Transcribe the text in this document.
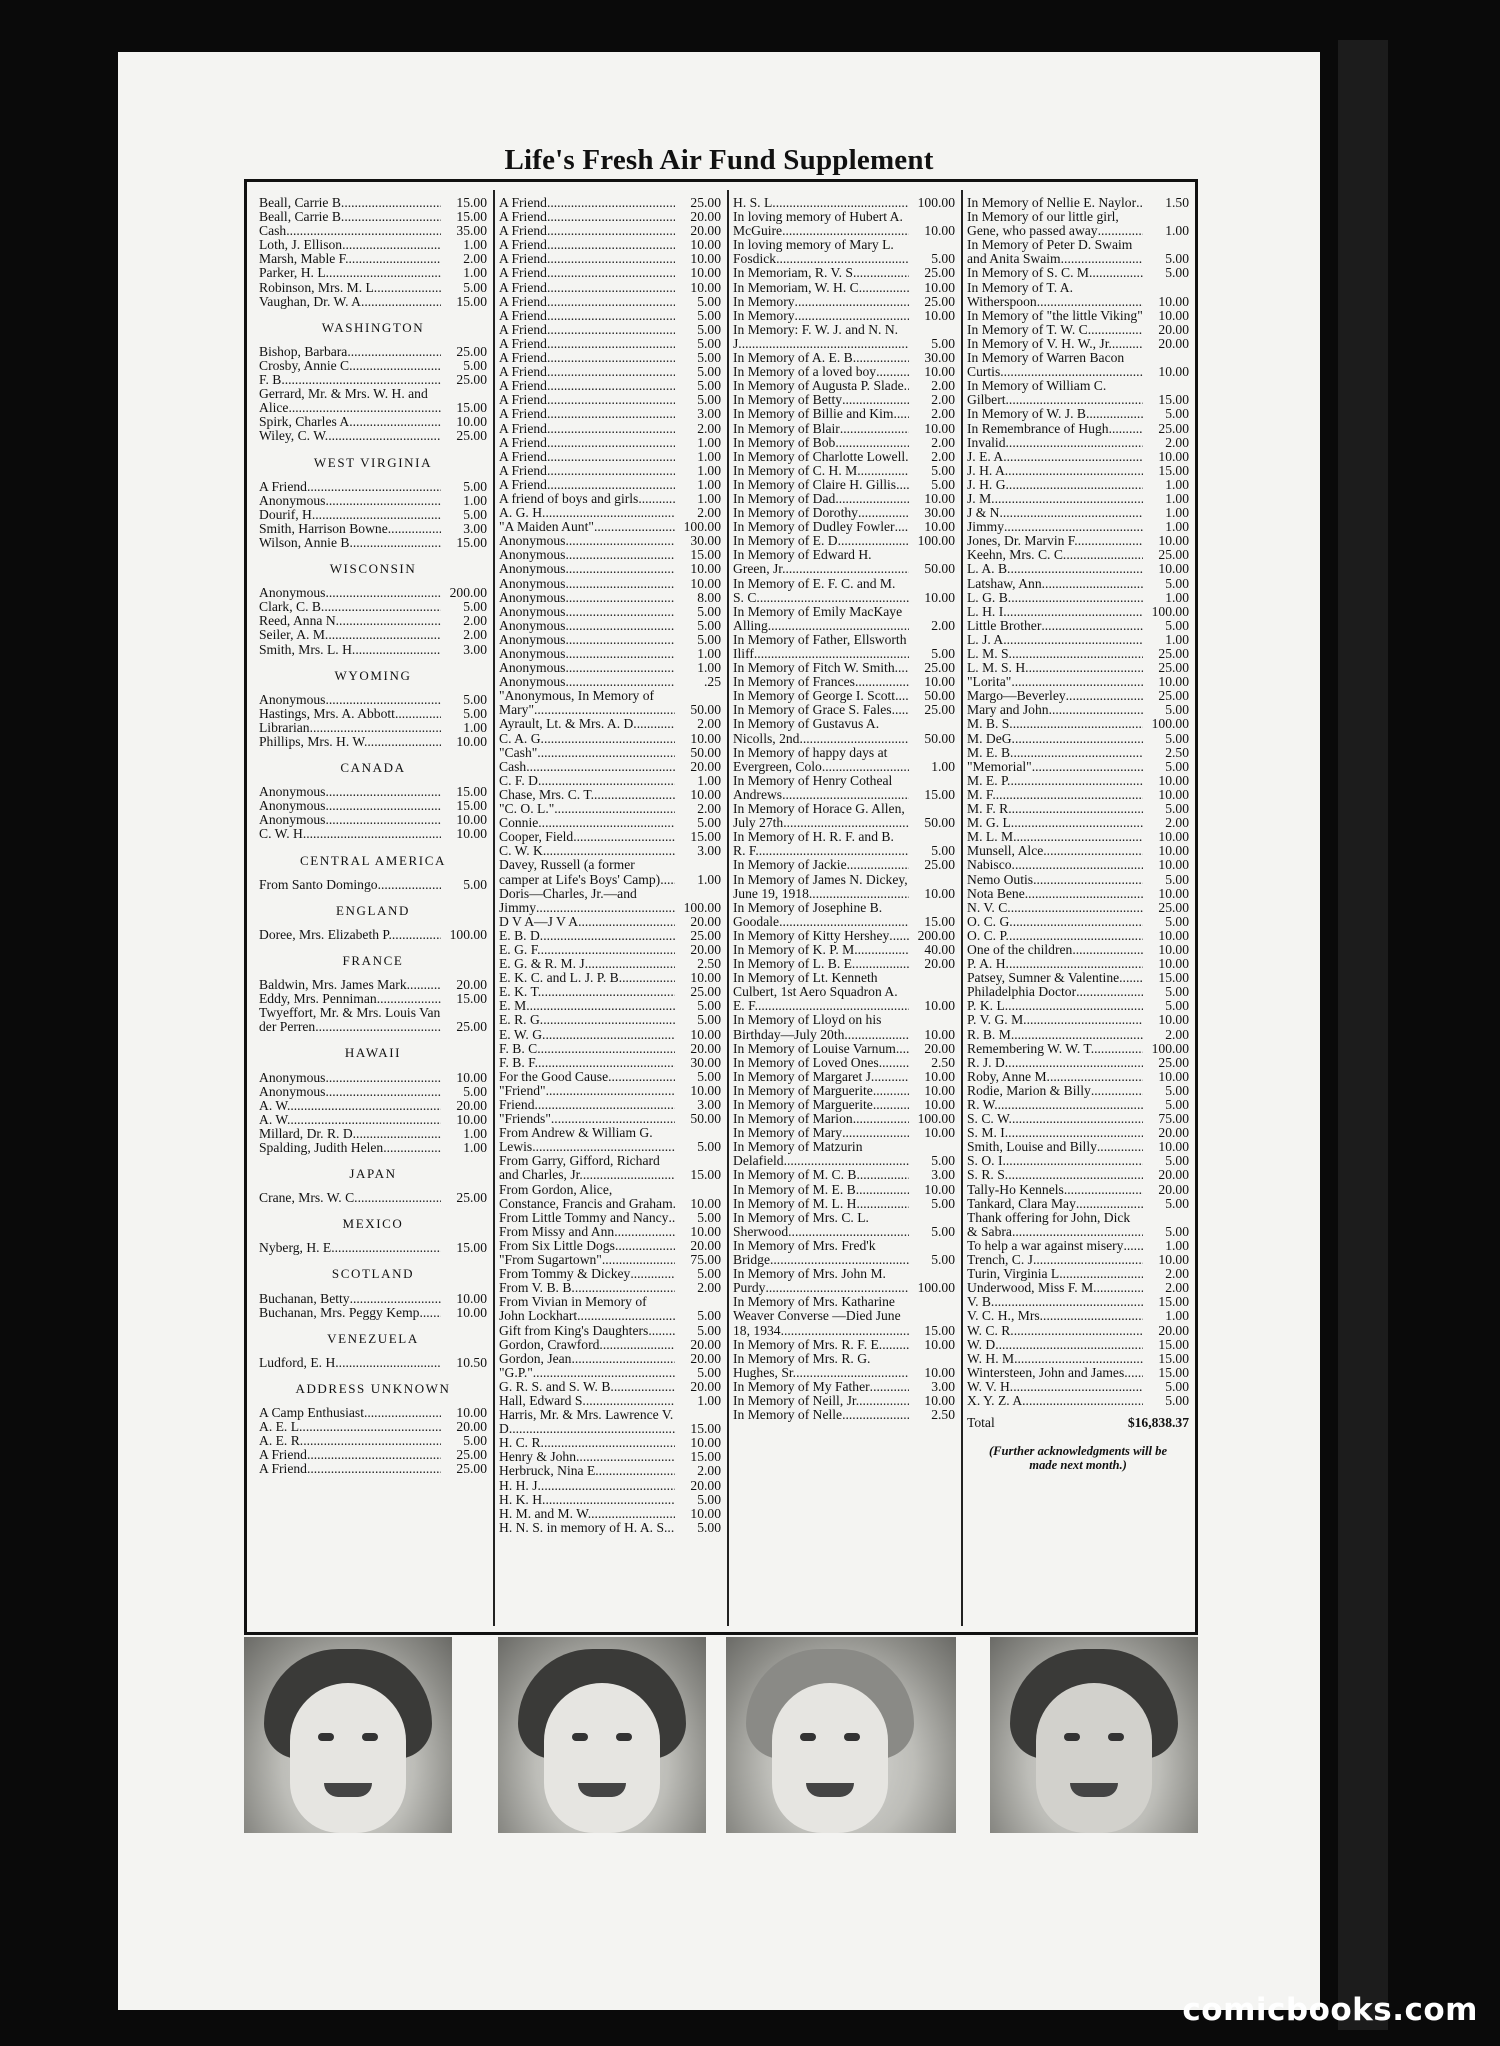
Life's Fresh Air Fund Supplement
Beall, Carrie B. .....	15.00
Beall, Carrie B. .....	15.00
Cash .....	35.00
Loth, J. Ellison .....	1.00
Marsh, Mable F. .....	2.00
Parker, H. L. .....	1.00
Robinson, Mrs. M. L. .....	5.00
Vaughan, Dr. W. A. .....	15.00
WASHINGTON
Bishop, Barbara .....	25.00
Crosby, Annie C. .....	5.00
F. B. .....	25.00
Gerrard, Mr. & Mrs. W. H. and Alice .....	15.00
Spirk, Charles A. .....	10.00
Wiley, C. W. .....	25.00
WEST VIRGINIA
A Friend .....	5.00
Anonymous .....	1.00
Dourif, H. .....	5.00
Smith, Harrison Bowne .....	3.00
Wilson, Annie B. .....	15.00
WISCONSIN
Anonymous .....	200.00
Clark, C. B. .....	5.00
Reed, Anna N. .....	2.00
Seiler, A. M. .....	2.00
Smith, Mrs. L. H. .....	3.00
WYOMING
Anonymous .....	5.00
Hastings, Mrs. A. Abbott .....	5.00
Librarian .....	1.00
Phillips, Mrs. H. W. .....	10.00
CANADA
Anonymous .....	15.00
Anonymous .....	15.00
Anonymous .....	10.00
C. W. H. .....	10.00
CENTRAL AMERICA
From Santo Domingo .....	5.00
ENGLAND
Doree, Mrs. Elizabeth P. .....	100.00
FRANCE
Baldwin, Mrs. James Mark .....	20.00
Eddy, Mrs. Penniman .....	15.00
Twyeffort, Mr. & Mrs. Louis Van der Perren .....	25.00
HAWAII
Anonymous .....	10.00
Anonymous .....	5.00
A. W. .....	20.00
A. W. .....	10.00
Millard, Dr. R. D. .....	1.00
Spalding, Judith Helen .....	1.00
JAPAN
Crane, Mrs. W. C. .....	25.00
MEXICO
Nyberg, H. E. .....	15.00
SCOTLAND
Buchanan, Betty .....	10.00
Buchanan, Mrs. Peggy Kemp .....	10.00
VENEZUELA
Ludford, E. H. .....	10.50
ADDRESS UNKNOWN
A Camp Enthusiast .....	10.00
A. E. L. .....	20.00
A. E. R. .....	5.00
A Friend .....	25.00
A Friend .....	25.00
A Friend .....	25.00
A Friend .....	20.00
A Friend .....	20.00
A Friend .....	10.00
A Friend .....	10.00
A Friend .....	10.00
A Friend .....	10.00
A Friend .....	5.00
A Friend .....	5.00
A Friend .....	5.00
A Friend .....	5.00
A Friend .....	5.00
A Friend .....	5.00
A Friend .....	5.00
A Friend .....	5.00
A Friend .....	3.00
A Friend .....	2.00
A Friend .....	1.00
A Friend .....	1.00
A Friend .....	1.00
A Friend .....	1.00
A friend of boys and girls .....	1.00
A. G. H. .....	2.00
"A Maiden Aunt" .....	100.00
Anonymous .....	30.00
Anonymous .....	15.00
Anonymous .....	10.00
Anonymous .....	10.00
Anonymous .....	8.00
Anonymous .....	5.00
Anonymous .....	5.00
Anonymous .....	5.00
Anonymous .....	1.00
Anonymous .....	1.00
Anonymous .....	.25
"Anonymous, In Memory of Mary" .....	50.00
Ayrault, Lt. & Mrs. A. D. .....	2.00
C. A. G. .....	10.00
"Cash" .....	50.00
Cash .....	20.00
C. F. D. .....	1.00
Chase, Mrs. C. T. .....	10.00
"C. O. L." .....	2.00
Connie .....	5.00
Cooper, Field .....	15.00
C. W. K. .....	3.00
Davey, Russell (a former camper at Life's Boys' Camp) .....	1.00
Doris—Charles, Jr.—and Jimmy .....	100.00
D V A—J V A .....	20.00
E. B. D. .....	25.00
E. G. F. .....	20.00
E. G. & R. M. J. .....	2.50
E. K. C. and L. J. P. B. .....	10.00
E. K. T. .....	25.00
E. M. .....	5.00
E. R. G. .....	5.00
E. W. G. .....	10.00
F. B. C. .....	20.00
F. B. F. .....	30.00
For the Good Cause .....	5.00
"Friend" .....	10.00
Friend .....	3.00
"Friends" .....	50.00
From Andrew & William G. Lewis .....	5.00
From Garry, Gifford, Richard and Charles, Jr. .....	15.00
From Gordon, Alice, Constance, Francis and Graham .....	10.00
From Little Tommy and Nancy .....	5.00
From Missy and Ann .....	10.00
From Six Little Dogs .....	20.00
"From Sugartown" .....	75.00
From Tommy & Dickey .....	5.00
From V. B. B. .....	2.00
From Vivian in Memory of John Lockhart .....	5.00
Gift from King's Daughters .....	5.00
Gordon, Crawford .....	20.00
Gordon, Jean .....	20.00
"G.P." .....	5.00
G. R. S. and S. W. B. .....	20.00
Hall, Edward S. .....	1.00
Harris, Mr. & Mrs. Lawrence V. D. .....	15.00
H. C. R. .....	10.00
Henry & John .....	15.00
Herbruck, Nina E. .....	2.00
H. H. J. .....	20.00
H. K. H. .....	5.00
H. M. and M. W. .....	10.00
H. N. S. in memory of H. A. S. .....	5.00
H. S. L. .....	100.00
In loving memory of Hubert A. McGuire .....	10.00
In loving memory of Mary L. Fosdick .....	5.00
In Memoriam, R. V. S. .....	25.00
In Memoriam, W. H. C. .....	10.00
In Memory .....	25.00
In Memory .....	10.00
In Memory: F. W. J. and N. N. J. .....	5.00
In Memory of A. E. B. .....	30.00
In Memory of a loved boy .....	10.00
In Memory of Augusta P. Slade .....	2.00
In Memory of Betty .....	2.00
In Memory of Billie and Kim .....	2.00
In Memory of Blair .....	10.00
In Memory of Bob .....	2.00
In Memory of Charlotte Lowell .....	2.00
In Memory of C. H. M. .....	5.00
In Memory of Claire H. Gillis .....	5.00
In Memory of Dad .....	10.00
In Memory of Dorothy .....	30.00
In Memory of Dudley Fowler .....	10.00
In Memory of E. D. .....	100.00
In Memory of Edward H. Green, Jr. .....	50.00
In Memory of E. F. C. and M. S. C. .....	10.00
In Memory of Emily MacKaye Alling .....	2.00
In Memory of Father, Ellsworth Iliff .....	5.00
In Memory of Fitch W. Smith .....	25.00
In Memory of Frances .....	10.00
In Memory of George I. Scott .....	50.00
In Memory of Grace S. Fales .....	25.00
In Memory of Gustavus A. Nicolls, 2nd .....	50.00
In Memory of happy days at Evergreen, Colo. .....	1.00
In Memory of Henry Cotheal Andrews .....	15.00
In Memory of Horace G. Allen, July 27th .....	50.00
In Memory of H. R. F. and B. R. F. .....	5.00
In Memory of Jackie .....	25.00
In Memory of James N. Dickey, June 19, 1918 .....	10.00
In Memory of Josephine B. Goodale .....	15.00
In Memory of Kitty Hershey .....	200.00
In Memory of K. P. M. .....	40.00
In Memory of L. B. E. .....	20.00
In Memory of Lt. Kenneth Culbert, 1st Aero Squadron A. E. F. .....	10.00
In Memory of Lloyd on his Birthday—July 20th .....	10.00
In Memory of Louise Varnum .....	20.00
In Memory of Loved Ones .....	2.50
In Memory of Margaret J. .....	10.00
In Memory of Marguerite .....	10.00
In Memory of Marguerite .....	10.00
In Memory of Marion .....	100.00
In Memory of Mary .....	10.00
In Memory of Matzurin Delafield .....	5.00
In Memory of M. C. B. .....	3.00
In Memory of M. E. B. .....	10.00
In Memory of M. L. H. .....	5.00
In Memory of Mrs. C. L. Sherwood .....	5.00
In Memory of Mrs. Fred'k Bridge .....	5.00
In Memory of Mrs. John M. Purdy .....	100.00
In Memory of Mrs. Katharine Weaver Converse —Died June 18, 1934 .....	15.00
In Memory of Mrs. R. F. E. .....	10.00
In Memory of Mrs. R. G. Hughes, Sr. .....	10.00
In Memory of My Father .....	3.00
In Memory of Neill, Jr. .....	10.00
In Memory of Nelle .....	2.50
In Memory of Nellie E. Naylor .....	1.50
In Memory of our little girl, Gene, who passed away .....	1.00
In Memory of Peter D. Swaim and Anita Swaim .....	5.00
In Memory of S. C. M. .....	5.00
In Memory of T. A. Witherspoon .....	10.00
In Memory of "the little Viking" .....	10.00
In Memory of T. W. C. .....	20.00
In Memory of V. H. W., Jr. .....	20.00
In Memory of Warren Bacon Curtis .....	10.00
In Memory of William C. Gilbert .....	15.00
In Memory of W. J. B. .....	5.00
In Remembrance of Hugh .....	25.00
Invalid .....	2.00
J. E. A. .....	10.00
J. H. A. .....	15.00
J. H. G. .....	1.00
J. M. .....	1.00
J & N .....	1.00
Jimmy .....	1.00
Jones, Dr. Marvin F. .....	10.00
Keehn, Mrs. C. C. .....	25.00
L. A. B. .....	10.00
Latshaw, Ann .....	5.00
L. G. B. .....	1.00
L. H. I. .....	100.00
Little Brother .....	5.00
L. J. A. .....	1.00
L. M. S. .....	25.00
L. M. S. H. .....	25.00
"Lorita" .....	10.00
Margo—Beverley .....	25.00
Mary and John .....	5.00
M. B. S. .....	100.00
M. DeG. .....	5.00
M. E. B. .....	2.50
"Memorial" .....	5.00
M. E. P. .....	10.00
M. F. .....	10.00
M. F. R. .....	5.00
M. G. L. .....	2.00
M. L. M. .....	10.00
Munsell, Alce .....	10.00
Nabisco .....	10.00
Nemo Outis .....	5.00
Nota Bene .....	10.00
N. V. C. .....	25.00
O. C. G. .....	5.00
O. C. P. .....	10.00
One of the children .....	10.00
P. A. H. .....	10.00
Patsey, Sumner & Valentine .....	15.00
Philadelphia Doctor .....	5.00
P. K. L. .....	5.00
P. V. G. M. .....	10.00
R. B. M. .....	2.00
Remembering W. W. T. .....	100.00
R. J. D. .....	25.00
Roby, Anne M. .....	10.00
Rodie, Marion & Billy .....	5.00
R. W. .....	5.00
S. C. W. .....	75.00
S. M. I. .....	20.00
Smith, Louise and Billy .....	10.00
S. O. I. .....	5.00
S. R. S. .....	20.00
Tally-Ho Kennels .....	20.00
Tankard, Clara May .....	5.00
Thank offering for John, Dick & Sabra .....	5.00
To help a war against misery .....	1.00
Trench, C. J. .....	10.00
Turin, Virginia L. .....	2.00
Underwood, Miss F. M. .....	2.00
V. B. .....	15.00
V. C. H., Mrs. .....	1.00
W. C. R. .....	20.00
W. D. .....	15.00
W. H. M. .....	15.00
Wintersteen, John and James .....	15.00
W. V. H. .....	5.00
X. Y. Z. A. .....	5.00
Total	$16,838.37
(Further acknowledgments will be made next month.)
comicbooks.com
